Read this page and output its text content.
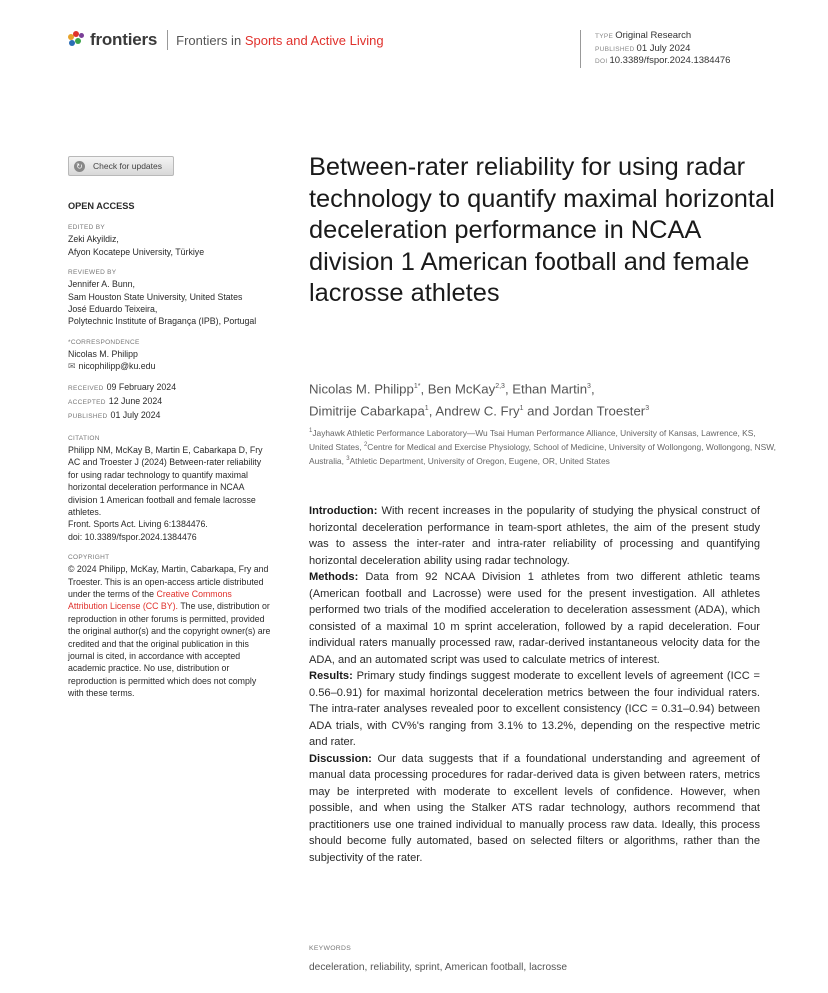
frontiers Frontiers in Sports and Active Living	TYPE Original Research
PUBLISHED 01 July 2024
DOI 10.3389/fspor.2024.1384476
↻ Check for updates
OPEN ACCESS
EDITED BY
Zeki Akyildiz,
Afyon Kocatepe University, Türkiye
REVIEWED BY
Jennifer A. Bunn,
Sam Houston State University, United States
José Eduardo Teixeira,
Polytechnic Institute of Bragança (IPB), Portugal
*CORRESPONDENCE
Nicolas M. Philipp
✉ nicophilipp@ku.edu
RECEIVED 09 February 2024
ACCEPTED 12 June 2024
PUBLISHED 01 July 2024
CITATION
Philipp NM, McKay B, Martin E, Cabarkapa D, Fry AC and Troester J (2024) Between-rater reliability for using radar technology to quantify maximal horizontal deceleration performance in NCAA division 1 American football and female lacrosse athletes.
Front. Sports Act. Living 6:1384476.
doi: 10.3389/fspor.2024.1384476
COPYRIGHT
© 2024 Philipp, McKay, Martin, Cabarkapa, Fry and Troester. This is an open-access article distributed under the terms of the Creative Commons Attribution License (CC BY). The use, distribution or reproduction in other forums is permitted, provided the original author(s) and the copyright owner(s) are credited and that the original publication in this journal is cited, in accordance with accepted academic practice. No use, distribution or reproduction is permitted which does not comply with these terms.
Between-rater reliability for using radar technology to quantify maximal horizontal deceleration performance in NCAA division 1 American football and female lacrosse athletes
Nicolas M. Philipp$^{1*}$, Ben McKay$^{2,3}$, Ethan Martin$^3$,
Dimitrije Cabarkapa$^1$, Andrew C. Fry$^1$ and Jordan Troester$^3$
$^1$Jayhawk Athletic Performance Laboratory—Wu Tsai Human Performance Alliance, University of Kansas, Lawrence, KS, United States, $^2$Centre for Medical and Exercise Physiology, School of Medicine, University of Wollongong, Wollongong, NSW, Australia, $^3$Athletic Department, University of Oregon, Eugene, OR, United States

Introduction: With recent increases in the popularity of studying the physical construct of horizontal deceleration performance in team-sport athletes, the aim of the present study was to assess the inter-rater and intra-rater reliability of processing and quantifying horizontal deceleration ability using radar technology.

Methods: Data from 92 NCAA Division 1 athletes from two different athletic teams (American football and Lacrosse) were used for the present investigation. All athletes performed two trials of the modified acceleration to deceleration assessment (ADA), which consisted of a maximal 10 m sprint acceleration, followed by a rapid deceleration. Four individual raters manually processed raw, radar-derived instantaneous velocity data for the ADA, and an automated script was used to calculate metrics of interest.

Results: Primary study findings suggest moderate to excellent levels of agreement (ICC = 0.56–0.91) for maximal horizontal deceleration metrics between the four individual raters. The intra-rater analyses revealed poor to excellent consistency (ICC = 0.31–0.94) between ADA trials, with CV%'s ranging from 3.1% to 13.2%, depending on the respective metric and rater.

Discussion: Our data suggests that if a foundational understanding and agreement of manual data processing procedures for radar-derived data is given between raters, metrics may be interpreted with moderate to excellent levels of confidence. However, when possible, and when using the Stalker ATS radar technology, authors recommend that practitioners use one trained individual to manually process raw data. Ideally, this process should become fully automated, based on selected filters or algorithms, rather than the subjectivity of the rater.

KEYWORDS
deceleration, reliability, sprint, American football, lacrosse
